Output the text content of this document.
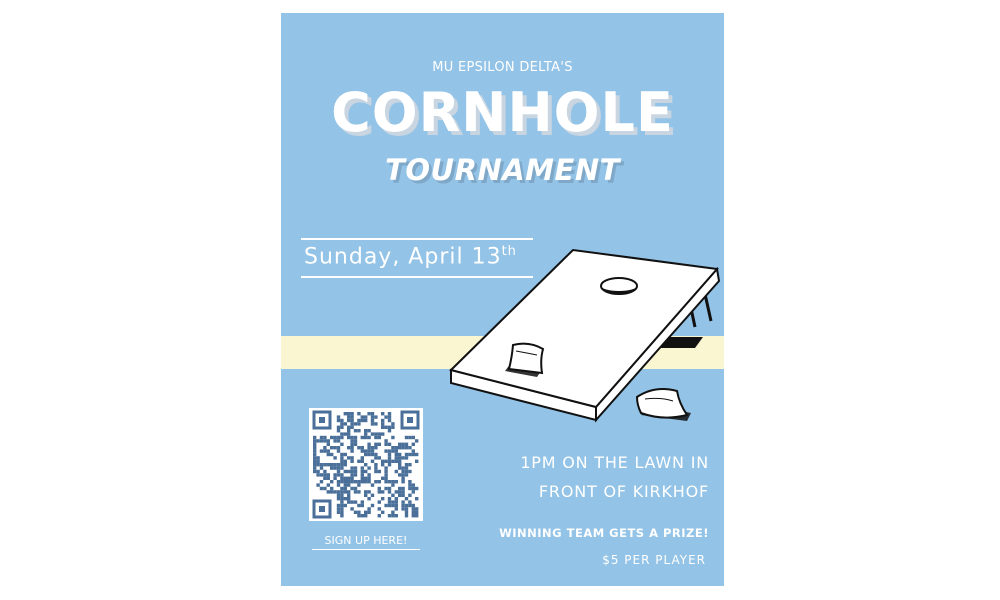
MU EPSILON DELTA'S
CORNHOLE
TOURNAMENT
Sunday, April 13th
SIGN UP HERE!
1PM ON THE LAWN IN
FRONT OF KIRKHOF
WINNING TEAM GETS A PRIZE!
$5 PER PLAYER
